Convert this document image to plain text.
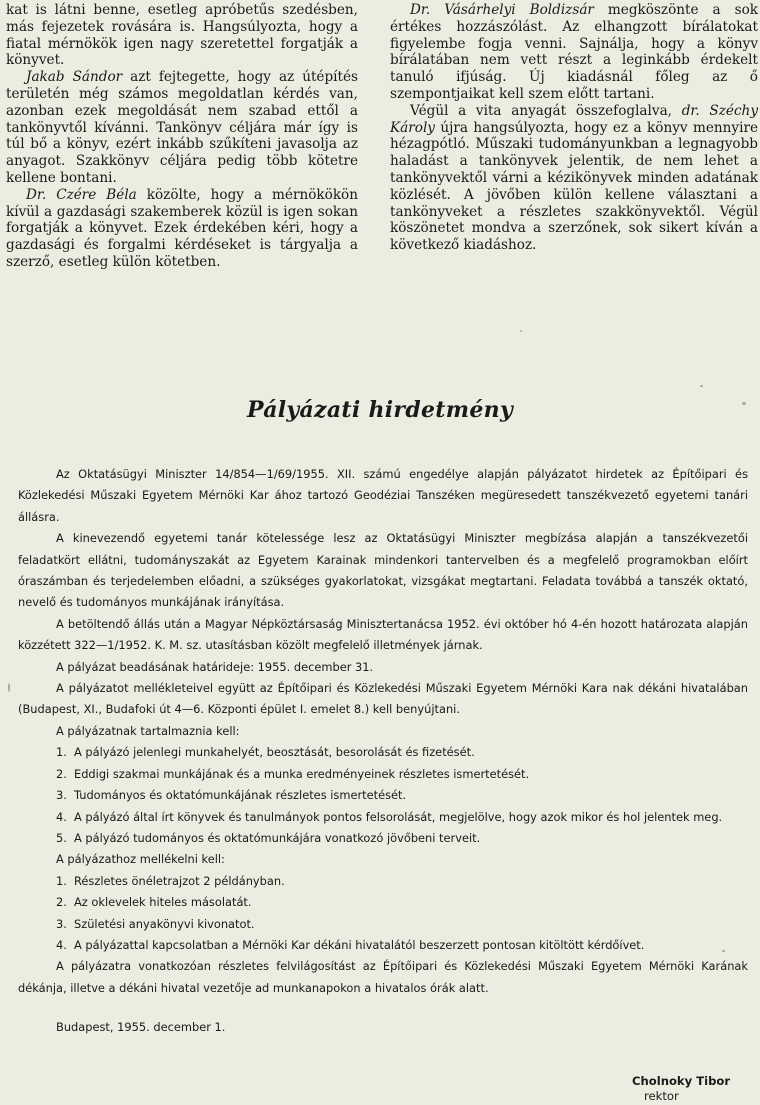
kat is látni benne, esetleg apróbetűs szedésben, más fejezetek rovására is. Hangsúlyozta, hogy a fiatal mérnökök igen nagy szeretettel forgatják a könyvet.

Jakab Sándor azt fejtegette, hogy az útépítés területén még számos megoldatlan kérdés van, azonban ezek megoldását nem szabad ettől a tankönyvtől kívánni. Tankönyv céljára már így is túl bő a könyv, ezért inkább szűkíteni javasolja az anyagot. Szakkönyv céljára pedig több kötetre kellene bontani.

Dr. Czére Béla közölte, hogy a mérnökökön kívül a gazdasági szakemberek közül is igen sokan forgatják a könyvet. Ezek érdekében kéri, hogy a gazdasági és forgalmi kérdéseket is tárgyalja a szerző, esetleg külön kötetben.

Dr. Vásárhelyi Boldizsár megköszönte a sok értékes hozzászólást. Az elhangzott bírálatokat figyelembe fogja venni. Sajnálja, hogy a könyv bírálatában nem vett részt a leginkább érdekelt tanuló ifjúság. Új kiadásnál főleg az ő szempontjaikat kell szem előtt tartani.

Végül a vita anyagát összefoglalva, dr. Széchy Károly újra hangsúlyozta, hogy ez a könyv mennyire hézagpótló. Műszaki tudományunkban a legnagyobb haladást a tankönyvek jelentik, de nem lehet a tankönyvektől várni a kézikönyvek minden adatának közlését. A jövőben külön kellene választani a tankönyveket a részletes szakkönyvektől. Végül köszönetet mondva a szerzőnek, sok sikert kíván a következő kiadáshoz.

Pályázati hirdetmény

Az Oktatásügyi Miniszter 14/854—1/69/1955. XII. számú engedélye alapján pályázatot hirdetek az Építőipari és Közlekedési Műszaki Egyetem Mérnöki Kar ához tartozó Geodéziai Tanszéken megüresedett tanszékvezető egyetemi tanári állásra.

A kinevezendő egyetemi tanár kötelessége lesz az Oktatásügyi Miniszter megbízása alapján a tanszékvezetői feladatkört ellátni, tudományszakát az Egyetem Karainak mindenkori tantervelben és a megfelelő programokban előírt óraszámban és terjedelemben előadni, a szükséges gyakorlatokat, vizsgákat megtartani. Feladata továbbá a tanszék oktató, nevelő és tudományos munkájának irányítása.

A betöltendő állás után a Magyar Népköztársaság Minisztertanácsa 1952. évi október hó 4-én hozott határozata alapján közzétett 322—1/1952. K. M. sz. utasításban közölt megfelelő illetmények járnak.

A pályázat beadásának határideje: 1955. december 31.

A pályázatot mellékleteivel együtt az Építőipari és Közlekedési Műszaki Egyetem Mérnöki Kara nak dékáni hivatalában (Budapest, XI., Budafoki út 4—6. Központi épület I. emelet 8.) kell benyújtani.

A pályázatnak tartalmaznia kell:
1. A pályázó jelenlegi munkahelyét, beosztását, besorolását és fizetését.
2. Eddigi szakmai munkájának és a munka eredményeinek részletes ismertetését.
3. Tudományos és oktatómunkájának részletes ismertetését.
4. A pályázó által írt könyvek és tanulmányok pontos felsorolását, megjelölve, hogy azok mikor és hol jelentek meg.
5. A pályázó tudományos és oktatómunkájára vonatkozó jövőbeni terveit.
A pályázathoz mellékelni kell:
1. Részletes önéletrajzot 2 példányban.
2. Az oklevelek hiteles másolatát.
3. Születési anyakönyvi kivonatot.
4. A pályázattal kapcsolatban a Mérnöki Kar dékáni hivatalától beszerzett pontosan kitöltött kérdőívet.

A pályázatra vonatkozóan részletes felvilágosítást az Építőipari és Közlekedési Műszaki Egyetem Mérnöki Karának dékánja, illetve a dékáni hivatal vezetője ad munkanapokon a hivatalos órák alatt.

Budapest, 1955. december 1.
Cholnoky Tibor
rektor
